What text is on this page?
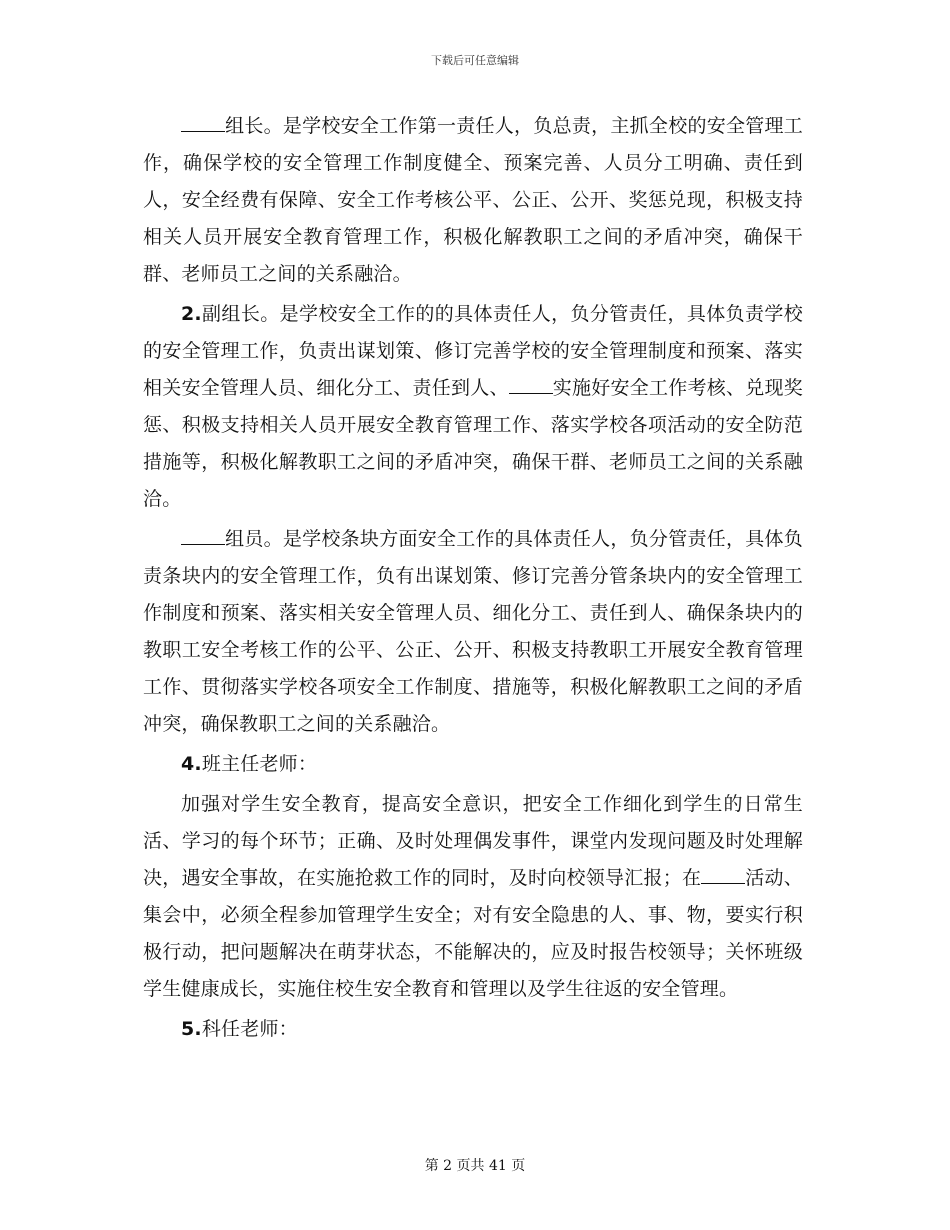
下载后可任意编辑

组长。是学校安全工作第一责任人，负总责，主抓全校的安全管理工作，确保学校的安全管理工作制度健全、预案完善、人员分工明确、责任到人，安全经费有保障、安全工作考核公平、公正、公开、奖惩兑现，积极支持相关人员开展安全教育管理工作，积极化解教职工之间的矛盾冲突，确保干群、老师员工之间的关系融洽。

2.副组长。是学校安全工作的的具体责任人，负分管责任，具体负责学校的安全管理工作，负责出谋划策、修订完善学校的安全管理制度和预案、落实相关安全管理人员、细化分工、责任到人、 实施好安全工作考核、兑现奖惩、积极支持相关人员开展安全教育管理工作、落实学校各项活动的安全防范措施等，积极化解教职工之间的矛盾冲突，确保干群、老师员工之间的关系融洽。

组员。是学校条块方面安全工作的具体责任人，负分管责任，具体负责条块内的安全管理工作，负有出谋划策、修订完善分管条块内的安全管理工作制度和预案、落实相关安全管理人员、细化分工、责任到人、确保条块内的教职工安全考核工作的公平、公正、公开、积极支持教职工开展安全教育管理工作、贯彻落实学校各项安全工作制度、措施等，积极化解教职工之间的矛盾冲突，确保教职工之间的关系融洽。

4.班主任老师：

加强对学生安全教育，提高安全意识，把安全工作细化到学生的日常生活、学习的每个环节；正确、及时处理偶发事件，课堂内发现问题及时处理解决，遇安全事故，在实施抢救工作的同时，及时向校领导汇报；在 活动、集会中，必须全程参加管理学生安全；对有安全隐患的人、事、物，要实行积极行动，把问题解决在萌芽状态，不能解决的，应及时报告校领导；关怀班级学生健康成长，实施住校生安全教育和管理以及学生往返的安全管理。

5.科任老师：

第 2 页共 41 页
